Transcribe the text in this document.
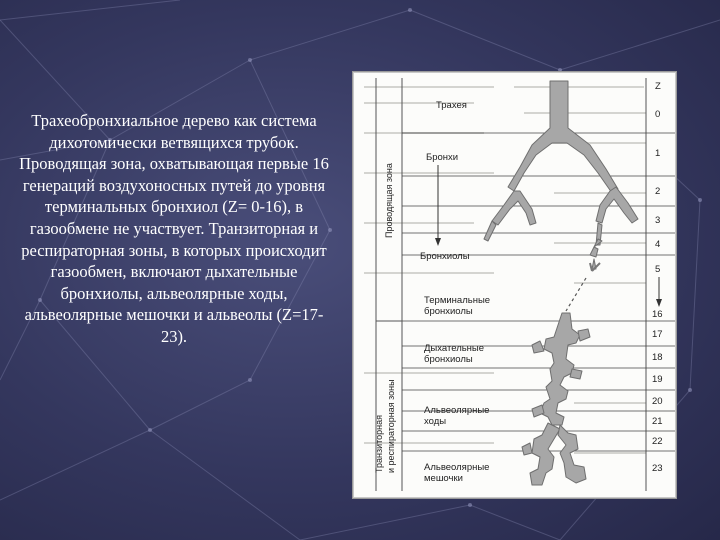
Трахеобронхиальное дерево как система дихотомически ветвящихся трубок. Проводящая зона, охватывающая первые 16 генераций воздухоносных путей до уровня терминальных бронхиол (Z= 0-16), в газообмене не участвует. Транзиторная и респираторная зоны, в которых происходит газообмен, включают дыхательные бронхиолы, альвеолярные ходы, альвеолярные мешочки и альвеолы (Z=17-23).
Проводящая зона
Транзиторная и респираторная зоны
Z
0
1
2
3
4
5
16
17
18
19
20
21
22
23
Трахея
Бронхи
Бронхиолы
Терминальные
бронхиолы
Дыхательные
бронхиолы
Альвеолярные
ходы
Альвеолярные
мешочки
